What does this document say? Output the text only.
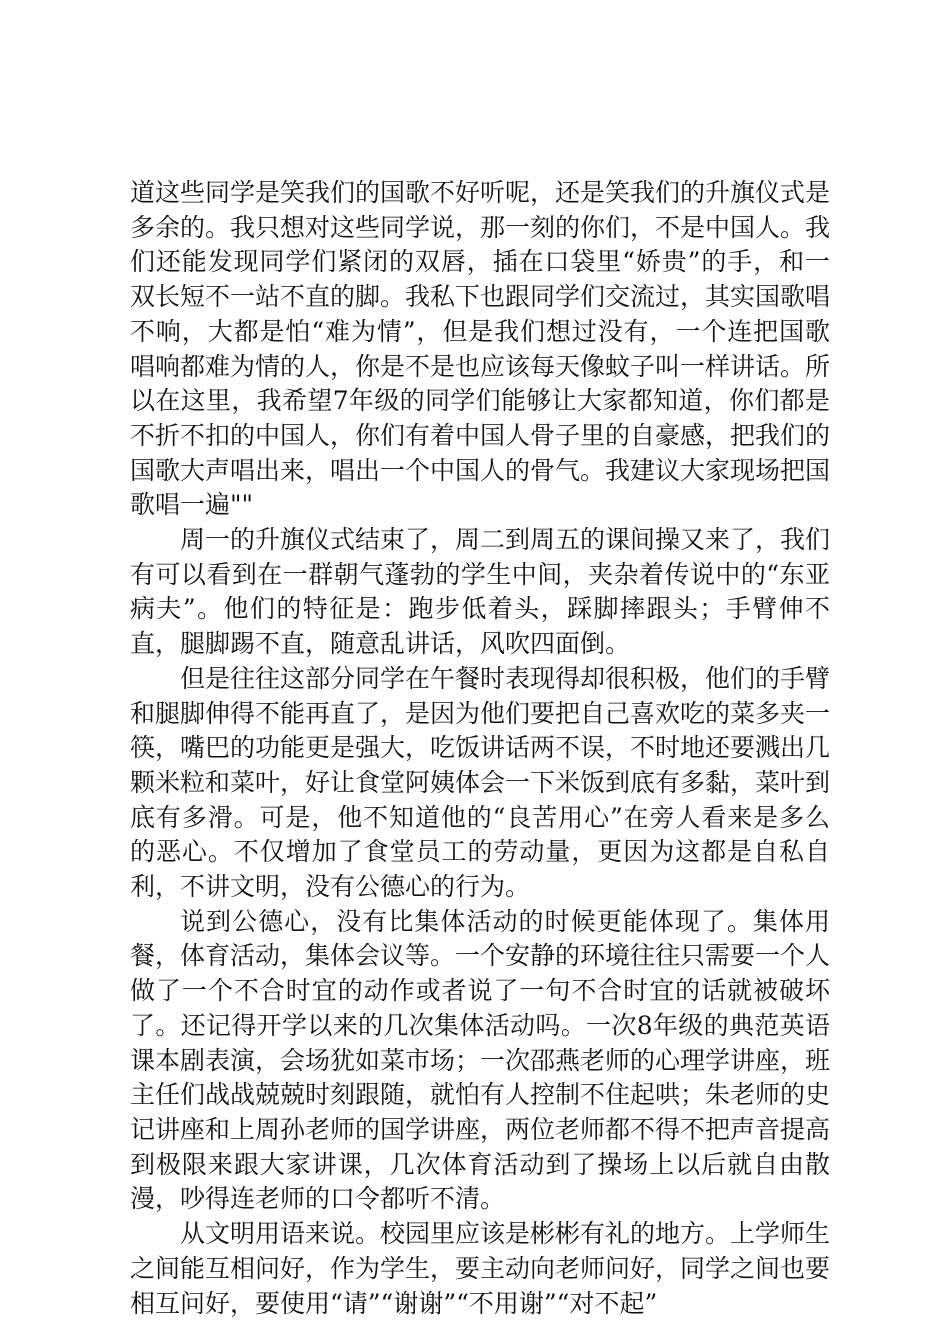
道这些同学是笑我们的国歌不好听呢，还是笑我们的升旗仪式是多余的。我只想对这些同学说，那一刻的你们，不是中国人。我们还能发现同学们紧闭的双唇，插在口袋里“娇贵”的手，和一双长短不一站不直的脚。我私下也跟同学们交流过，其实国歌唱不响，大都是怕“难为情”，但是我们想过没有，一个连把国歌唱响都难为情的人，你是不是也应该每天像蚊子叫一样讲话。所以在这里，我希望7年级的同学们能够让大家都知道，你们都是不折不扣的中国人，你们有着中国人骨子里的自豪感，把我们的国歌大声唱出来，唱出一个中国人的骨气。我建议大家现场把国歌唱一遍""

周一的升旗仪式结束了，周二到周五的课间操又来了，我们有可以看到在一群朝气蓬勃的学生中间，夹杂着传说中的“东亚病夫”。他们的特征是：跑步低着头，踩脚摔跟头；手臂伸不直，腿脚踢不直，随意乱讲话，风吹四面倒。

但是往往这部分同学在午餐时表现得却很积极，他们的手臂和腿脚伸得不能再直了，是因为他们要把自己喜欢吃的菜多夹一筷，嘴巴的功能更是强大，吃饭讲话两不误，不时地还要溅出几颗米粒和菜叶，好让食堂阿姨体会一下米饭到底有多黏，菜叶到底有多滑。可是，他不知道他的“良苦用心”在旁人看来是多么的恶心。不仅增加了食堂员工的劳动量，更因为这都是自私自利，不讲文明，没有公德心的行为。

说到公德心，没有比集体活动的时候更能体现了。集体用餐，体育活动，集体会议等。一个安静的环境往往只需要一个人做了一个不合时宜的动作或者说了一句不合时宜的话就被破坏了。还记得开学以来的几次集体活动吗。一次8年级的典范英语课本剧表演，会场犹如菜市场；一次邵燕老师的心理学讲座，班主任们战战兢兢时刻跟随，就怕有人控制不住起哄；朱老师的史记讲座和上周孙老师的国学讲座，两位老师都不得不把声音提高到极限来跟大家讲课，几次体育活动到了操场上以后就自由散漫，吵得连老师的口令都听不清。

从文明用语来说。校园里应该是彬彬有礼的地方。上学师生之间能互相问好，作为学生，要主动向老师问好，同学之间也要相互问好，要使用“请”“谢谢”“不用谢”“对不起”
